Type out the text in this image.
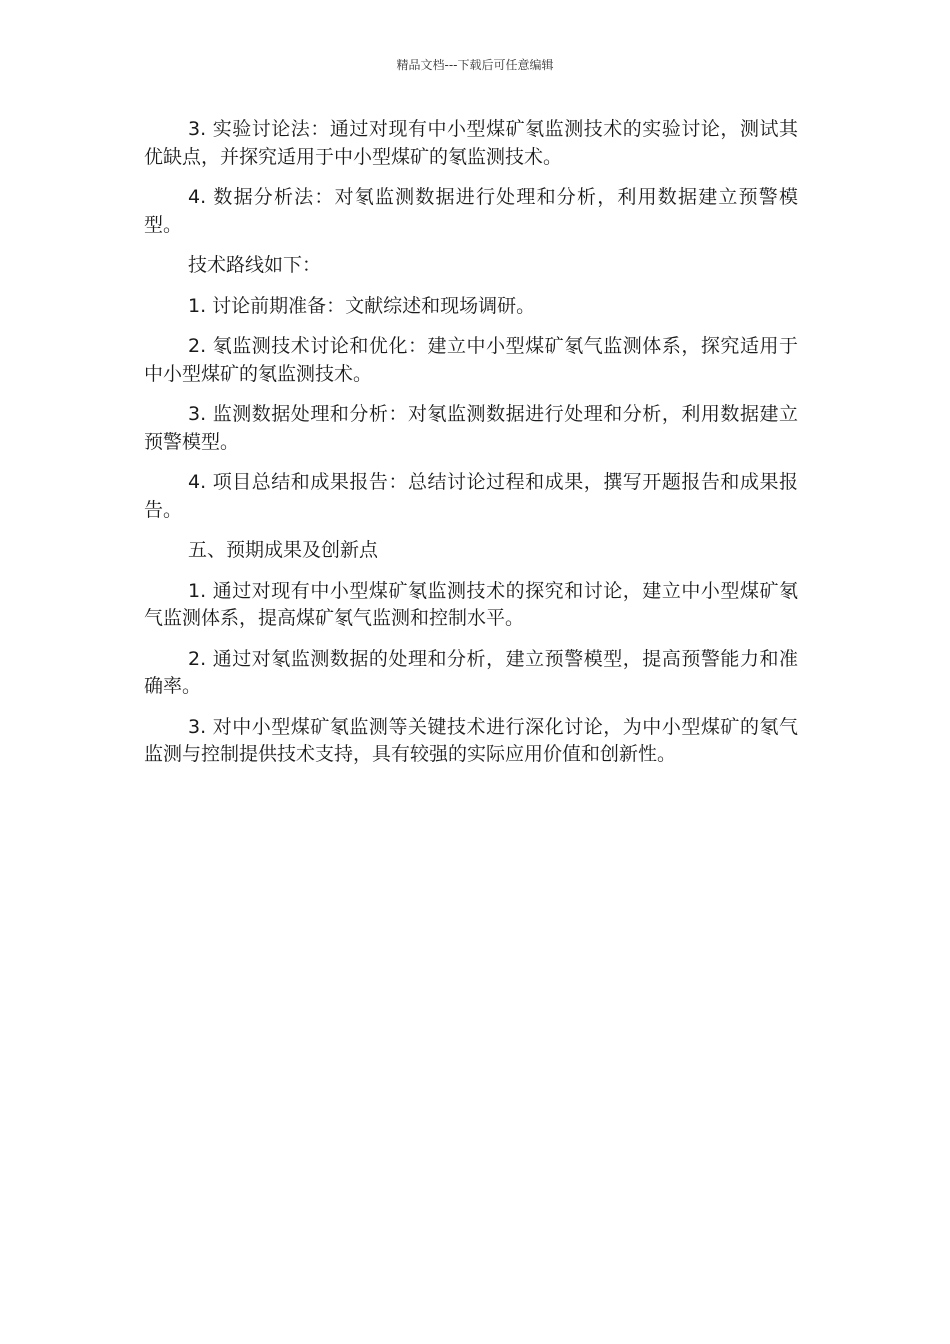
精品文档---下载后可任意编辑

3. 实验讨论法：通过对现有中小型煤矿氡监测技术的实验讨论，测试其优缺点，并探究适用于中小型煤矿的氡监测技术。

4. 数据分析法：对氡监测数据进行处理和分析，利用数据建立预警模型。

技术路线如下：

1. 讨论前期准备：文献综述和现场调研。

2. 氡监测技术讨论和优化：建立中小型煤矿氡气监测体系，探究适用于中小型煤矿的氡监测技术。

3. 监测数据处理和分析：对氡监测数据进行处理和分析，利用数据建立预警模型。

4. 项目总结和成果报告：总结讨论过程和成果，撰写开题报告和成果报告。

五、预期成果及创新点

1. 通过对现有中小型煤矿氡监测技术的探究和讨论，建立中小型煤矿氡气监测体系，提高煤矿氡气监测和控制水平。

2. 通过对氡监测数据的处理和分析，建立预警模型，提高预警能力和准确率。

3. 对中小型煤矿氡监测等关键技术进行深化讨论，为中小型煤矿的氡气监测与控制提供技术支持，具有较强的实际应用价值和创新性。
